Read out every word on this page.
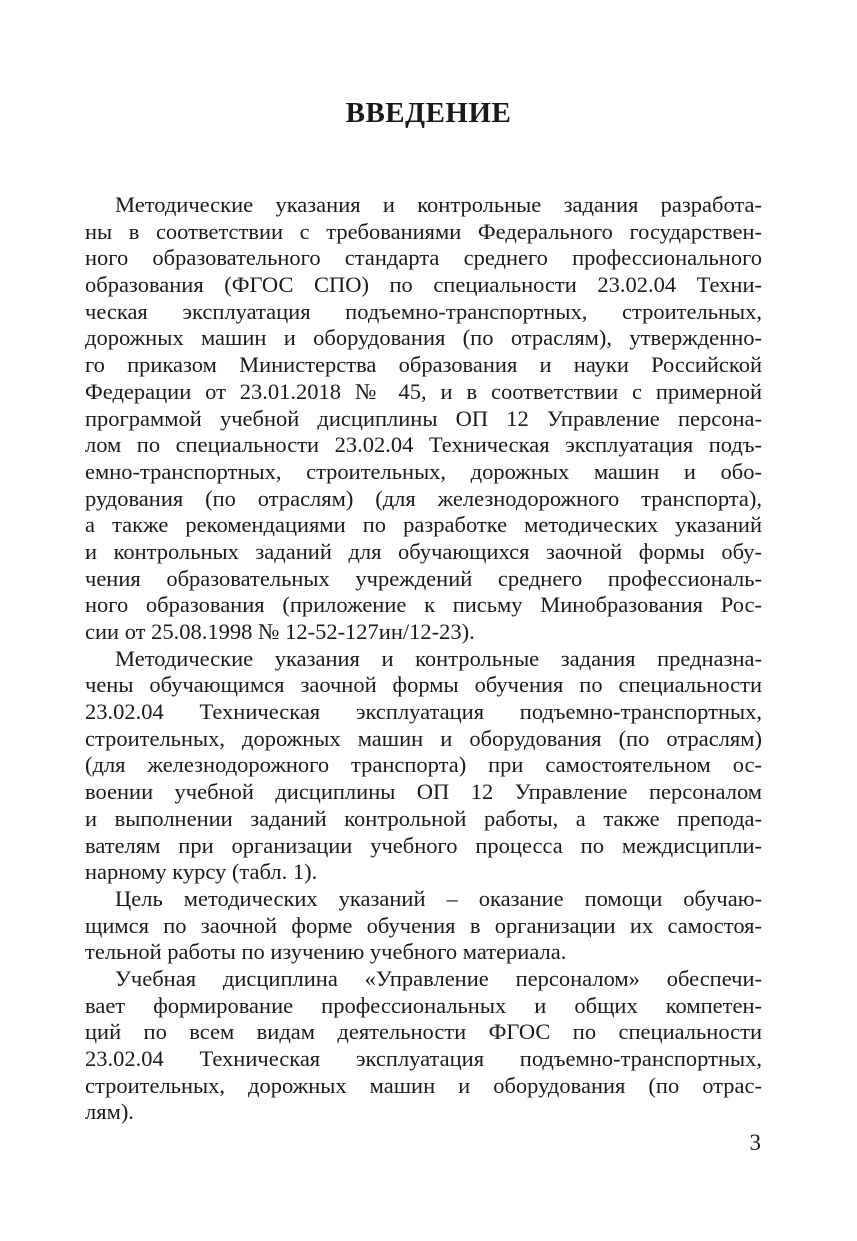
ВВЕДЕНИЕ

Методические указания и контрольные задания разработа-
ны в соответствии с требованиями Федерального государствен-
ного образовательного стандарта среднего профессионального
образования (ФГОС СПО) по специальности 23.02.04 Техни-
ческая эксплуатация подъемно-транспортных, строительных,
дорожных машин и оборудования (по отраслям), утвержденно-
го приказом Министерства образования и науки Российской
Федерации от 23.01.2018 № 45, и в соответствии с примерной
программой учебной дисциплины ОП 12 Управление персона-
лом по специальности 23.02.04 Техническая эксплуатация подъ-
емно-транспортных, строительных, дорожных машин и обо-
рудования (по отраслям) (для железнодорожного транспорта),
а также рекомендациями по разработке методических указаний
и контрольных заданий для обучающихся заочной формы обу-
чения образовательных учреждений среднего профессиональ-
ного образования (приложение к письму Минобразования Рос-
сии от 25.08.1998 № 12-52-127ин/12-23).

Методические указания и контрольные задания предназна-
чены обучающимся заочной формы обучения по специальности
23.02.04 Техническая эксплуатация подъемно-транспортных,
строительных, дорожных машин и оборудования (по отраслям)
(для железнодорожного транспорта) при самостоятельном ос-
воении учебной дисциплины ОП 12 Управление персоналом
и выполнении заданий контрольной работы, а также препода-
вателям при организации учебного процесса по междисципли-
нарному курсу (табл. 1).

Цель методических указаний – оказание помощи обучаю-
щимся по заочной форме обучения в организации их самостоя-
тельной работы по изучению учебного материала.

Учебная дисциплина «Управление персоналом» обеспечи-
вает формирование профессиональных и общих компетен-
ций по всем видам деятельности ФГОС по специальности
23.02.04 Техническая эксплуатация подъемно-транспортных,
строительных, дорожных машин и оборудования (по отрас-
лям).

3
